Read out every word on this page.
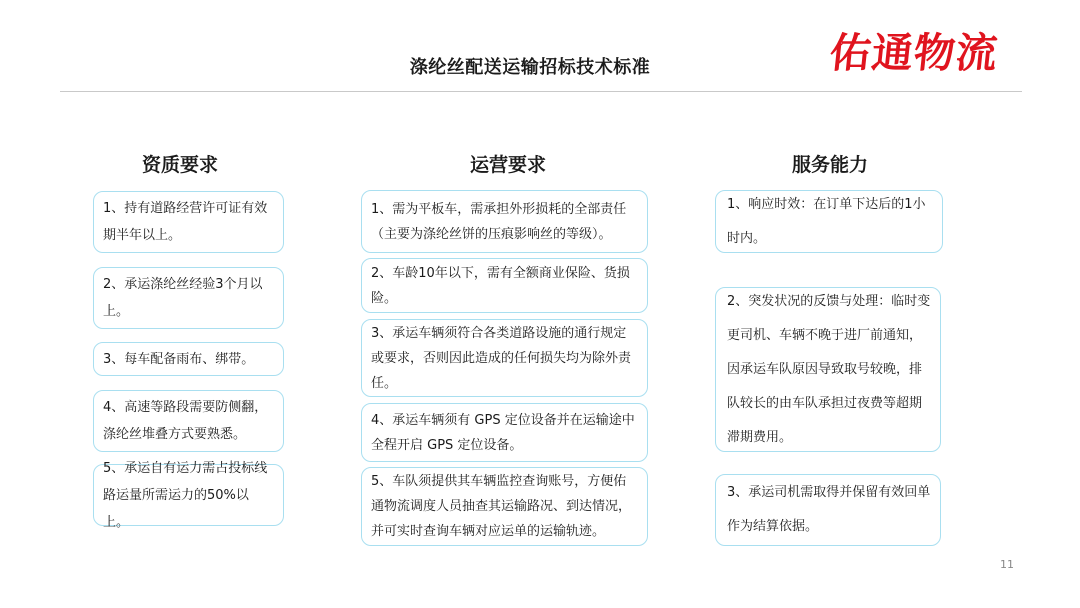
涤纶丝配送运输招标技术标准	佑通物流
资质要求
1、持有道路经营许可证有效期半年以上。
2、承运涤纶丝经验3个月以上。
3、每车配备雨布、绑带。
4、高速等路段需要防侧翻，涤纶丝堆叠方式要熟悉。
5、承运自有运力需占投标线路运量所需运力的50%以上。
运营要求
1、需为平板车，需承担外形损耗的全部责任（主要为涤纶丝饼的压痕影响丝的等级）。
2、车龄10年以下，需有全额商业保险、货损险。
3、承运车辆须符合各类道路设施的通行规定或要求，否则因此造成的任何损失均为除外责任。
4、承运车辆须有 GPS 定位设备并在运输途中全程开启 GPS 定位设备。
5、车队须提供其车辆监控查询账号，方便佑通物流调度人员抽查其运输路况、到达情况，并可实时查询车辆对应运单的运输轨迹。
服务能力
1、响应时效：在订单下达后的1小时内。
2、突发状况的反馈与处理：临时变更司机、车辆不晚于进厂前通知，因承运车队原因导致取号较晚，排队较长的由车队承担过夜费等超期滞期费用。
3、承运司机需取得并保留有效回单作为结算依据。
11
